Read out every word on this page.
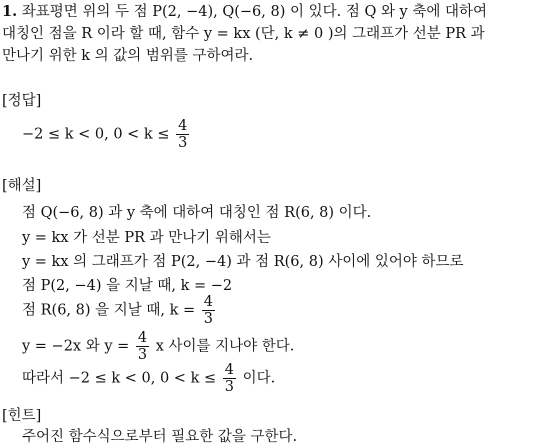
1. 좌표평면 위의 두 점 P(2, −4), Q(−6, 8) 이 있다. 점 Q 와 y 축에 대하여
대칭인 점을 R 이라 할 때, 함수 y = kx (단, k ≠ 0 )의 그래프가 선분 PR 과
만나기 위한 k 의 값의 범위를 구하여라.
[정답]
−2 ≤ k < 0, $0 < k \le \frac{4}{3}$
[해설]
점 Q(−6, 8) 과 y 축에 대하여 대칭인 점 R(6, 8) 이다.
y = kx 가 선분 PR 과 만나기 위해서는
y = kx 의 그래프가 점 P(2, −4) 과 점 R(6, 8) 사이에 있어야 하므로
점 P(2, −4) 을 지날 때, k = −2
점 R(6, 8) 을 지날 때, $k = \frac{4}{3}$
y = −2x 와 $y = \frac{4}{3}$ x 사이를 지나야 한다.
따라서 −2 ≤ k < 0, $0 < k \le \frac{4}{3}$ 이다.
[힌트]
주어진 함수식으로부터 필요한 값을 구한다.
